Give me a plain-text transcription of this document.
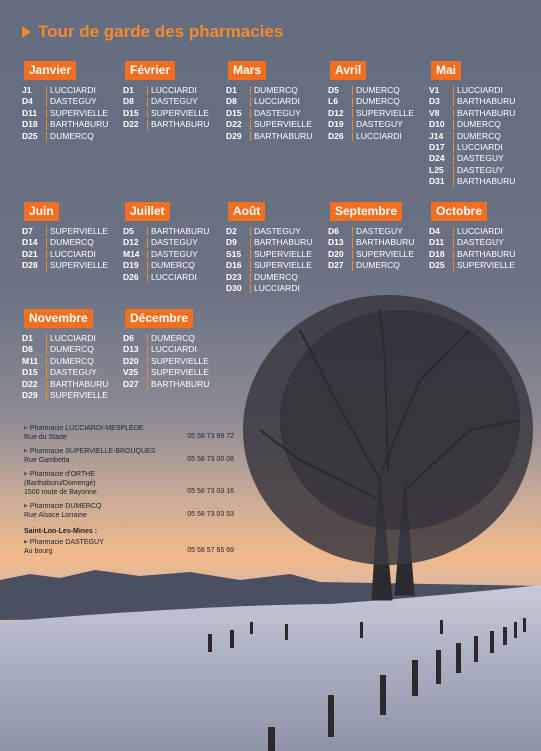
Tour de garde des pharmacies
Janvier
J1	LUCCIARDI
D4	DASTEGUY
D11	SUPERVIELLE
D18	BARTHABURU
D25	DUMERCQ
Février
D1	LUCCIARDI
D8	DASTEGUY
D15	SUPERVIELLE
D22	BARTHABURU
Mars
D1	DUMERCQ
D8	LUCCIARDI
D15	DASTEGUY
D22	SUPERVIELLE
D29	BARTHABURU
Avril
D5	DUMERCQ
L6	DUMERCQ
D12	SUPERVIELLE
D19	DASTEGUY
D26	LUCCIARDI
Mai
V1	LUCCIARDI
D3	BARTHABURU
V8	BARTHABURU
D10	DUMERCQ
J14	DUMERCQ
D17	LUCCIARDI
D24	DASTEGUY
L25	DASTEGUY
D31	BARTHABURU
Juin
D7	SUPERVIELLE
D14	DUMERCQ
D21	LUCCIARDI
D28	SUPERVIELLE
Juillet
D5	BARTHABURU
D12	DASTEGUY
M14	DASTEGUY
D19	DUMERCQ
D26	LUCCIARDI
Août
D2	DASTEGUY
D9	BARTHABURU
S15	SUPERVIELLE
D16	SUPERVIELLE
D23	DUMERCQ
D30	LUCCIARDI
Septembre
D6	DASTEGUY
D13	BARTHABURU
D20	SUPERVIELLE
D27	DUMERCQ
Octobre
D4	LUCCIARDI
D11	DASTEGUY
D18	BARTHABURU
D25	SUPERVIELLE
Novembre
D1	LUCCIARDI
D8	DUMERCQ
M11	DUMERCQ
D15	DASTEGUY
D22	BARTHABURU
D29	SUPERVIELLE
Décembre
D6	DUMERCQ
D13	LUCCIARDI
D20	SUPERVIELLE
V25	SUPERVIELLE
D27	BARTHABURU
▶ Pharmacie LUCCIARDI-MESPLEDE
Rue du Stade	05 58 73 69 72
▶ Pharmacie SUPERVIELLE-BROUQUES
Rue Gambetta	05 58 73 00 08
▶ Pharmacie d'ORTHE
(Barthaburu/Domengé)
1500 route de Bayonne	05 58 73 03 16
▶ Pharmacie DUMERCQ
Rue Alsace Lorraine	05 58 73 03 53
Saint-Lon-Les-Mines :
▶ Pharmacie DASTEGUY
Au bourg	05 58 57 65 69
